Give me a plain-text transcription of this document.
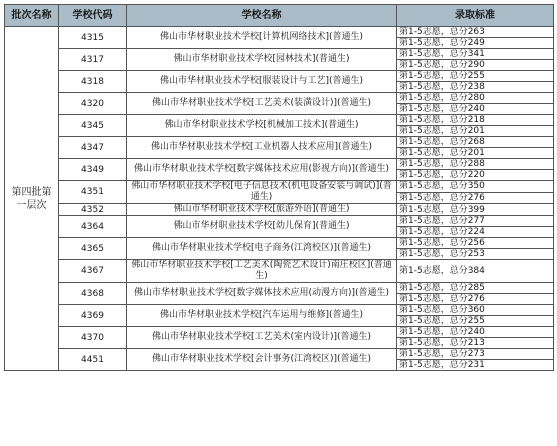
批次名称	学校代码	学校名称	录取标准
第四批第一层次	4315	佛山市华材职业技术学校[计算机网络技术](普通生)	第1-5志愿，总分263
			第1-5志愿，总分249
	4317	佛山市华材职业技术学校[园林技术](普通生)	第1-5志愿，总分341
			第1-5志愿，总分290
	4318	佛山市华材职业技术学校[服装设计与工艺](普通生)	第1-5志愿，总分255
			第1-5志愿，总分238
	4320	佛山市华材职业技术学校[工艺美术(装潢设计)](普通生)	第1-5志愿，总分280
			第1-5志愿，总分240
	4345	佛山市华材职业技术学校[机械加工技术](普通生)	第1-5志愿，总分218
			第1-5志愿，总分201
	4347	佛山市华材职业技术学校[工业机器人技术应用](普通生)	第1-5志愿，总分268
			第1-5志愿，总分201
	4349	佛山市华材职业技术学校[数字媒体技术应用(影视方向)](普通生)	第1-5志愿，总分288
			第1-5志愿，总分220
	4351	佛山市华材职业技术学校[电子信息技术(机电设备安装与调试)](普通生)	第1-5志愿，总分350
			第1-5志愿，总分276
	4352	佛山市华材职业技术学校[旅游外语](普通生)	第1-5志愿，总分399
	4364	佛山市华材职业技术学校[幼儿保育](普通生)	第1-5志愿，总分277
			第1-5志愿，总分224
	4365	佛山市华材职业技术学校[电子商务(江湾校区)](普通生)	第1-5志愿，总分256
			第1-5志愿，总分253
	4367	佛山市华材职业技术学校[工艺美术(陶瓷艺术设计)南庄校区](普通生)	第1-5志愿，总分384
	4368	佛山市华材职业技术学校[数字媒体技术应用(动漫方向)](普通生)	第1-5志愿，总分285
			第1-5志愿，总分276
	4369	佛山市华材职业技术学校[汽车运用与维修](普通生)	第1-5志愿，总分360
			第1-5志愿，总分255
	4370	佛山市华材职业技术学校[工艺美术(室内设计)](普通生)	第1-5志愿，总分240
			第1-5志愿，总分213
	4451	佛山市华材职业技术学校[会计事务(江湾校区)](普通生)	第1-5志愿，总分273
			第1-5志愿，总分231
